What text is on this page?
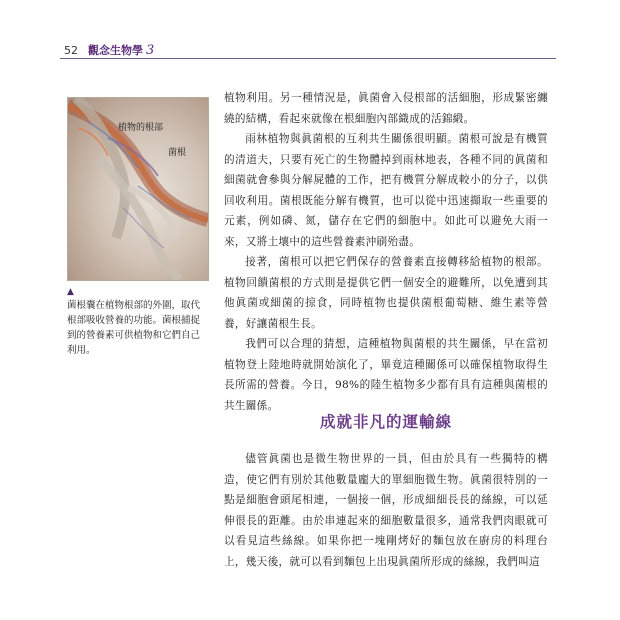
52 觀念生物學 3
植物的根部
菌根
▲
菌根囊在植物根部的外圍，取代根部吸收營養的功能。菌根捕捉到的營養素可供植物和它們自己利用。

植物利用。另一種情況是，眞菌會入侵根部的活細胞，形成緊密纏繞的結構，看起來就像在根細胞內部織成的活錦緞。

雨林植物與眞菌根的互利共生關係很明顯。菌根可說是有機質的清道夫，只要有死亡的生物體掉到雨林地表，各種不同的眞菌和細菌就會參與分解屍體的工作，把有機質分解成較小的分子，以供回收利用。菌根既能分解有機質，也可以從中迅速擷取一些重要的元素，例如磷、氮，儲存在它們的細胞中。如此可以避免大雨一來，又將土壤中的這些營養素沖刷殆盡。

接著，菌根可以把它們保存的營養素直接轉移給植物的根部。植物回饋菌根的方式則是提供它們一個安全的避難所，以免遭到其他眞菌或細菌的掠食，同時植物也提供菌根葡萄糖、維生素等營養，好讓菌根生長。

我們可以合理的猜想，這種植物與菌根的共生關係，早在當初植物登上陸地時就開始演化了，畢竟這種關係可以確保植物取得生長所需的營養。今日，98%的陸生植物多少都有具有這種與菌根的共生關係。

成就非凡的運輸線

儘管眞菌也是微生物世界的一員，但由於具有一些獨特的構造，使它們有別於其他數量龐大的單細胞微生物。眞菌很特別的一點是細胞會頭尾相連，一個接一個，形成細細長長的絲線，可以延伸很長的距離。由於串連起來的細胞數量很多，通常我們肉眼就可以看見這些絲線。如果你把一塊剛烤好的麵包放在廚房的料理台上，幾天後，就可以看到麵包上出現眞菌所形成的絲線，我們叫這
